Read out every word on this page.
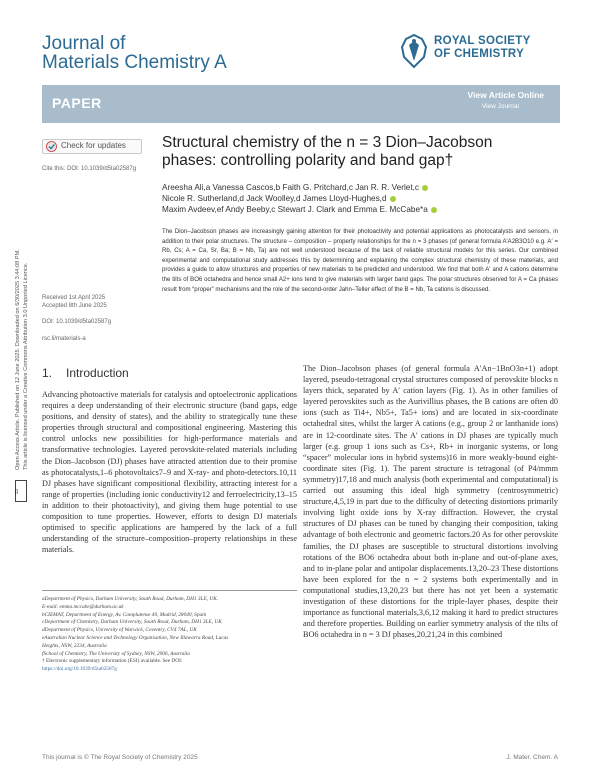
Journal of
Materials Chemistry A
ROYAL SOCIETY
OF CHEMISTRY
PAPER	View Article Online
View Journal
Check for updates
Cite this: DOI: 10.1039/d5ta02587g
Received 1st April 2025
Accepted 8th June 2025
DOI: 10.1039/d5ta02587g
rsc.li/materials-a
Open Access Article. Published on 12 June 2025. Downloaded on 6/30/2025 3:44:08 PM. This article is licensed under a Creative Commons Attribution 3.0 Unported Licence.
cc
Structural chemistry of the n = 3 Dion–Jacobson
phases: controlling polarity and band gap†
Areesha Ali,a Vanessa Cascos,b Faith G. Pritchard,c Jan R. R. Verlet,c
Nicole R. Sutherland,d Jack Woolley,d James Lloyd-Hughes,d
Maxim Avdeev,ef Andy Beeby,c Stewart J. Clark and Emma E. McCabe*a
The Dion–Jacobson phases are increasingly gaining attention for their photoactivity and potential applications as photocatalysts and sensors, in addition to their polar structures. The structure – composition – property relationships for the n = 3 phases (of general formula A′A2B3O10 e.g. A′ = Rb, Cs; A = Ca, Sr, Ba; B = Nb, Ta) are not well understood because of the lack of reliable structural models for this series. Our combined experimental and computational study addresses this by determining and explaining the complex structural chemistry of these materials, and provides a guide to allow structures and properties of new materials to be predicted and understood. We find that both A′ and A cations determine the tilts of BO6 octahedra and hence small A2+ ions tend to give materials with larger band gaps. The polar structures observed for A = Ca phases result from “proper” mechanisms and the role of the second-order Jahn–Teller effect of the B = Nb, Ta cations is discussed.
1. Introduction
Advancing photoactive materials for catalysis and optoelectronic applications requires a deep understanding of their electronic structure (band gaps, edge positions, and density of states), and the ability to strategically tune these properties through structural and compositional engineering. Mastering this control unlocks new possibilities for high-performance materials and transformative technologies. Layered perovskite-related materials including the Dion–Jacobson (DJ) phases have attracted attention due to their promise as photocatalysts,1–6 photovoltaics7–9 and X-ray- and photo-detectors.10,11 DJ phases have significant compositional flexibility, attracting interest for a range of properties (including ionic conductivity12 and ferroelectricity,13–15 in addition to their photoactivity), and giving them huge potential to use composition to tune properties. However, efforts to design DJ materials optimised to specific applications are hampered by the lack of a full understanding of the structure–composition–property relationships in these materials.
The Dion–Jacobson phases (of general formula A′An−1BnO3n+1) adopt layered, pseudo-tetragonal crystal structures composed of perovskite blocks n layers thick, separated by A′ cation layers (Fig. 1). As in other families of layered perovskites such as the Aurivillius phases, the B cations are often d0 ions (such as Ti4+, Nb5+, Ta5+ ions) and are located in six-coordinate octahedral sites, whilst the larger A cations (e.g., group 2 or lanthanide ions) are in 12-coordinate sites. The A′ cations in DJ phases are typically much larger (e.g. group 1 ions such as Cs+, Rb+ in inorganic systems, or long “spacer” molecular ions in hybrid systems)16 in more weakly-bound eight-coordinate sites (Fig. 1). The parent structure is tetragonal (of P4/mmm symmetry)17,18 and much analysis (both experimental and computational) is carried out assuming this ideal high symmetry (centrosymmetric) structure,4,5,19 in part due to the difficulty of detecting distortions primarily involving light oxide ions by X-ray diffraction. However, the crystal structures of DJ phases can be tuned by changing their composition, taking advantage of both electronic and geometric factors.20 As for other perovskite families, the DJ phases are susceptible to structural distortions involving rotations of the BO6 octahedra about both in-plane and out-of-plane axes, and to in-plane polar and antipolar displacements.13,20–23 These distortions have been explored for the n = 2 systems both experimentally and in computational studies,13,20,23 but there has not yet been a systematic investigation of these distortions for the triple-layer phases, despite their importance as functional materials,3,6,12 making it hard to predict structures and therefore properties. Building on earlier symmetry analysis of the tilts of BO6 octahedra in n = 3 DJ phases,20,21,24 in this combined
aDepartment of Physics, Durham University, South Road, Durham, DH1 3LE, UK.
E-mail: emma.mccabe@durham.ac.uk
bCIEMAT, Department of Energy, Av. Complutense 40, Madrid, 28040, Spain
cDepartment of Chemistry, Durham University, South Road, Durham, DH1 3LE, UK
dDepartment of Physics, University of Warwick, Coventry, CV4 7AL, UK
eAustralian Nuclear Science and Technology Organisation, New Illawarra Road, Lucas
Heights, NSW, 2234, Australia
fSchool of Chemistry, The University of Sydney, NSW, 2006, Australia
† Electronic supplementary information (ESI) available. See DOI:
https://doi.org/10.1039/d5ta02587g
This journal is © The Royal Society of Chemistry 2025	J. Mater. Chem. A
